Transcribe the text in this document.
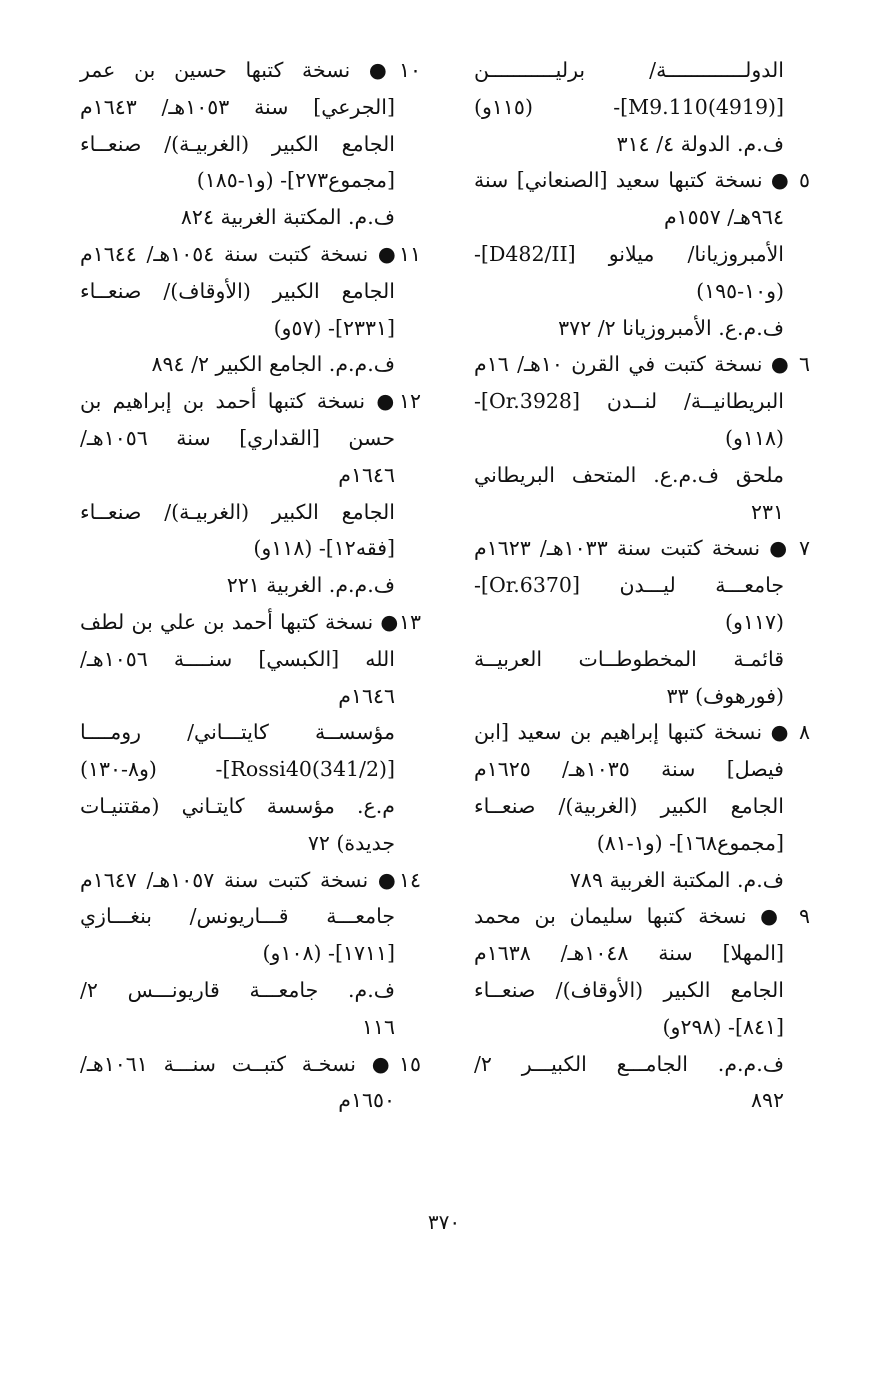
الدولـــــــــــــة/ برليـــــــــــن
[M9.110(4919)]- (١١٥و)
ف.م. الدولة ٤/ ٣١٤
٥ ● نسخة كتبها سعيد [الصنعاني] سنة
٩٦٤هـ/ ١٥٥٧م
الأمبروزيانا/ ميلانو [D482/II]-
(و١٠-١٩٥)
ف.م.ع. الأمبروزيانا ٢/ ٣٧٢
٦ ● نسخة كتبت في القرن ١٠هـ/ ١٦م
البريطانيــة/ لنــدن [Or.3928]-
(١١٨و)
ملحق ف.م.ع. المتحف البريطاني
٢٣١
٧ ● نسخة كتبت سنة ١٠٣٣هـ/ ١٦٢٣م
جامعـــة ليـــدن [Or.6370]-
(١١٧و)
قائمـة المخطوطــات العربيــة
(فورهوف) ٣٣
٨ ● نسخة كتبها إبراهيم بن سعيد [ابن
فيصل] سنة ١٠٣٥هـ/ ١٦٢٥م
الجامع الكبير (الغربية)/ صنعــاء
[مجموع١٦٨]- (و١-٨١)
ف.م. المكتبة الغربية ٧٨٩
٩ ● نسخة كتبها سليمان بن محمد
[المهلا] سنة ١٠٤٨هـ/ ١٦٣٨م
الجامع الكبير (الأوقاف)/ صنعــاء
[٨٤١]- (٢٩٨و)
ف.م.م. الجامـــع الكبيـــر ٢/
٨٩٢
١٠● نسخة كتبها حسين بن عمر
[الجرعي] سنة ١٠٥٣هـ/ ١٦٤٣م
الجامع الكبير (الغربيـة)/ صنعــاء
[مجموع٢٧٣]- (و١-١٨٥)
ف.م. المكتبة الغربية ٨٢٤
١١● نسخة كتبت سنة ١٠٥٤هـ/ ١٦٤٤م
الجامع الكبير (الأوقاف)/ صنعــاء
[٢٣٣١]- (٥٧و)
ف.م.م. الجامع الكبير ٢/ ٨٩٤
١٢● نسخة كتبها أحمد بن إبراهيم بن
حسن [القداري] سنة ١٠٥٦هـ/
١٦٤٦م
الجامع الكبير (الغربيـة)/ صنعــاء
[فقه١٢]- (١١٨و)
ف.م.م. الغربية ٢٢١
١٣● نسخة كتبها أحمد بن علي بن لطف
الله [الكبسي] سنــــة ١٠٥٦هـ/
١٦٤٦م
مؤسســة كايتـــاني/ رومــــا
[Rossi40(341/2)]- (و٨-١٣٠)
م.ع. مؤسسة كايتـاني (مقتنيـات
جديدة) ٧٢
١٤● نسخة كتبت سنة ١٠٥٧هـ/ ١٦٤٧م
جامعـــة قـــاريونس/ بنغـــازي
[١٧١١]- (١٠٨و)
ف.م. جامعـــة قاريونـــس ٢/
١١٦
١٥● نسخـة كتبــت سنـــة ١٠٦١هـ/
١٦٥٠م
٣٧٠
